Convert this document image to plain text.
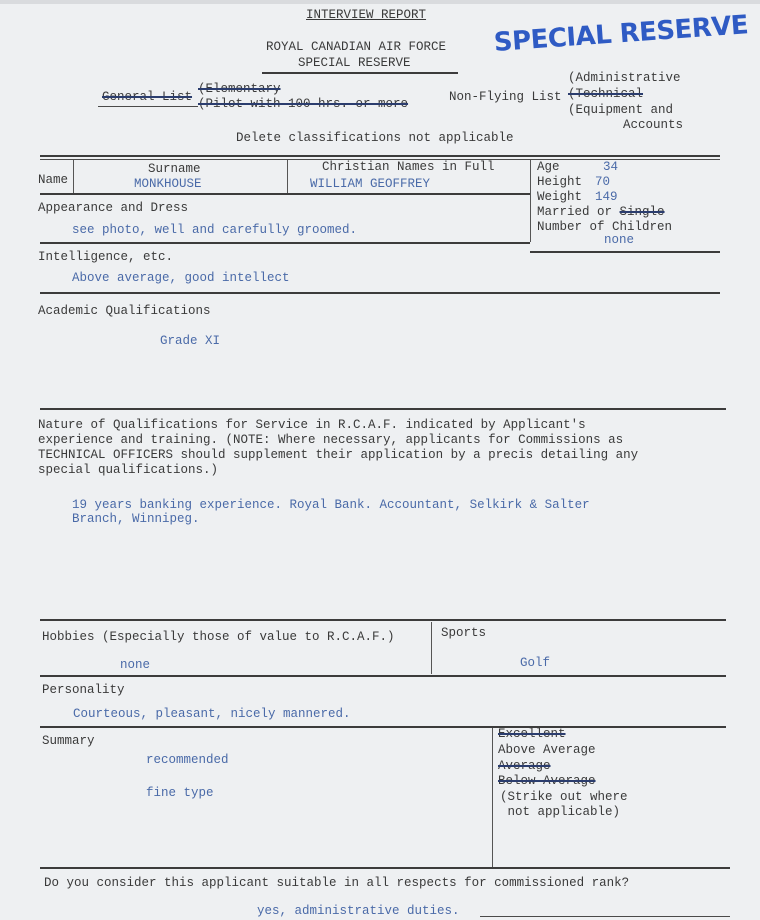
INTERVIEW REPORT
ROYAL CANADIAN AIR FORCE
SPECIAL RESERVE
SPECIAL RESERVE
General List
(Elementary
(Pilot with 100 hrs. or more	Non-Flying List
(Administrative
(Technical
(Equipment and
Accounts
Delete classifications not applicable
Name
Surname
MONKHOUSE
Christian Names in Full
WILLIAM GEOFFREY
Age	34
Height 70
Weight 149
Married or Single
Number of Children
none
Appearance and Dress
see photo, well and carefully groomed.
Intelligence, etc.
Above average, good intellect
Academic Qualifications
Grade XI
Nature of Qualifications for Service in R.C.A.F. indicated by Applicant's
experience and training. (NOTE: Where necessary, applicants for Commissions as
TECHNICAL OFFICERS should supplement their application by a precis detailing any
special qualifications.)
19 years banking experience. Royal Bank. Accountant, Selkirk & Salter
Branch, Winnipeg.
Hobbies (Especially those of value to R.C.A.F.)
none
Sports
Golf
Personality
Courteous, pleasant, nicely mannered.
Summary
recommended
fine type
Excellent
Above Average
Average
Below Average
(Strike out where
not applicable)
Do you consider this applicant suitable in all respects for commissioned rank?
yes, administrative duties.
